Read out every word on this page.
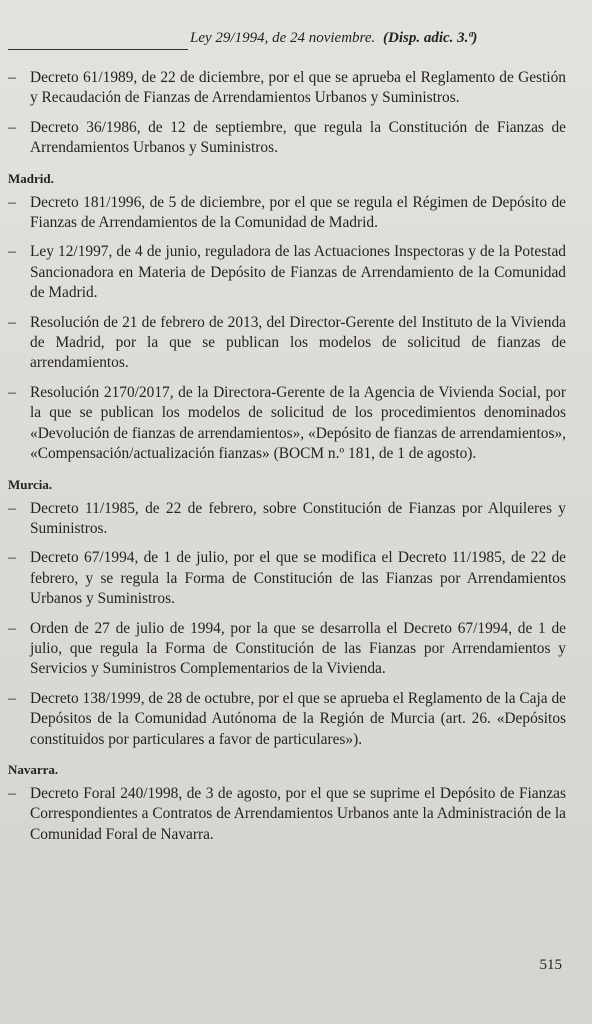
Ley 29/1994, de 24 noviembre. (Disp. adic. 3.ª)
– Decreto 61/1989, de 22 de diciembre, por el que se aprueba el Reglamento de Gestión y Recaudación de Fianzas de Arrendamientos Urbanos y Suministros.
– Decreto 36/1986, de 12 de septiembre, que regula la Constitución de Fianzas de Arrendamientos Urbanos y Suministros.
Madrid.
– Decreto 181/1996, de 5 de diciembre, por el que se regula el Régimen de Depósito de Fianzas de Arrendamientos de la Comunidad de Madrid.
– Ley 12/1997, de 4 de junio, reguladora de las Actuaciones Inspectoras y de la Potestad Sancionadora en Materia de Depósito de Fianzas de Arrendamiento de la Comunidad de Madrid.
– Resolución de 21 de febrero de 2013, del Director-Gerente del Instituto de la Vivienda de Madrid, por la que se publican los modelos de solicitud de fianzas de arrendamientos.
– Resolución 2170/2017, de la Directora-Gerente de la Agencia de Vivienda Social, por la que se publican los modelos de solicitud de los procedimientos denominados «Devolución de fianzas de arrendamientos», «Depósito de fianzas de arrendamientos», «Compensación/actualización fianzas» (BOCM n.º 181, de 1 de agosto).
Murcia.
– Decreto 11/1985, de 22 de febrero, sobre Constitución de Fianzas por Alquileres y Suministros.
– Decreto 67/1994, de 1 de julio, por el que se modifica el Decreto 11/1985, de 22 de febrero, y se regula la Forma de Constitución de las Fianzas por Arrendamientos Urbanos y Suministros.
– Orden de 27 de julio de 1994, por la que se desarrolla el Decreto 67/1994, de 1 de julio, que regula la Forma de Constitución de las Fianzas por Arrendamientos y Servicios y Suministros Complementarios de la Vivienda.
– Decreto 138/1999, de 28 de octubre, por el que se aprueba el Reglamento de la Caja de Depósitos de la Comunidad Autónoma de la Región de Murcia (art. 26. «Depósitos constituidos por particulares a favor de particulares»).
Navarra.
– Decreto Foral 240/1998, de 3 de agosto, por el que se suprime el Depósito de Fianzas Correspondientes a Contratos de Arrendamientos Urbanos ante la Administración de la Comunidad Foral de Navarra.
515
